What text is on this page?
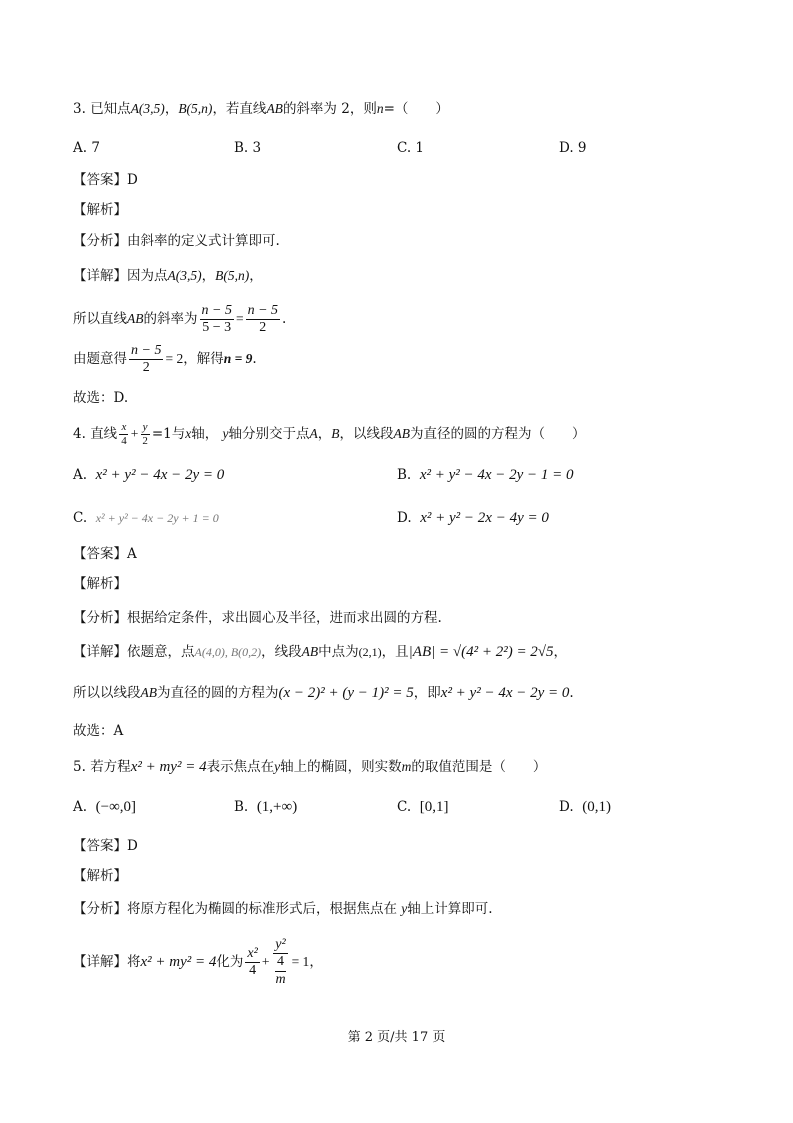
3. 已知点A(3,5)，B(5,n)，若直线AB的斜率为 2，则n=（　　）
A. 7	B. 3	C. 1	D. 9
【答案】D
【解析】
【分析】由斜率的定义式计算即可.
【详解】因为点A(3,5)，B(5,n)，
所以直线AB的斜率为 $\frac{n - 5}{5 - 3} = \frac{n - 5}{2}$ .
由题意得 $\frac{n - 5}{2} = 2$，解得n = 9.
故选：D.
4. 直线 $\frac{x}{4} + \frac{y}{2} =1$与x轴， y轴分别交于点A，B，以线段AB为直径的圆的方程为（　　）
A. x² + y² − 4x − 2y = 0	B. x² + y² − 4x − 2y − 1 = 0
C. x² + y² − 4x − 2y + 1 = 0	D. x² + y² − 2x − 4y = 0
【答案】A
【解析】
【分析】根据给定条件，求出圆心及半径，进而求出圆的方程.
【详解】依题意，点A(4,0), B(0,2)，线段AB中点为(2,1)，且|AB| = √(4² + 2²) = 2√5，
所以以线段AB为直径的圆的方程为(x − 2)² + (y − 1)² = 5，即x² + y² − 4x − 2y = 0.
故选：A
5. 若方程x² + my² = 4表示焦点在y轴上的椭圆，则实数m的取值范围是（　　）
A. (−∞,0]	B. (1,+∞)	C. [0,1]	D. (0,1)
【答案】D
【解析】
【分析】将原方程化为椭圆的标准形式后，根据焦点在 y轴上计算即可.
【详解】将x² + my² = 4化为 $\frac{\text{x²}}{4} + \frac{\text{y²}}{\frac{4}{m}} = 1$，
第 2 页/共 17 页
